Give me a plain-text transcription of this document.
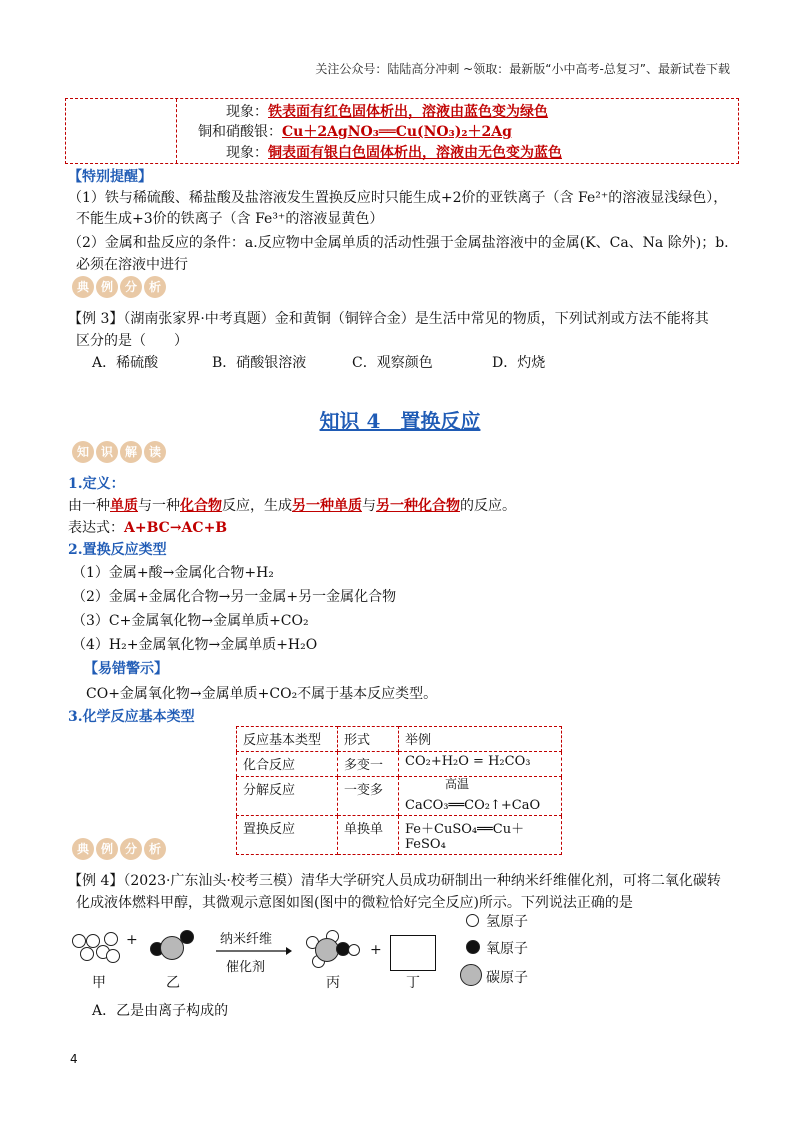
关注公众号：陆陆高分冲刺 ~领取：最新版“小中高考-总复习”、最新试卷下载
现象：铁表面有红色固体析出，溶液由蓝色变为绿色
铜和硝酸银：Cu＋2AgNO₃══Cu(NO₃)₂＋2Ag
现象：铜表面有银白色固体析出，溶液由无色变为蓝色
【特别提醒】
（1）铁与稀硫酸、稀盐酸及盐溶液发生置换反应时只能生成+2价的亚铁离子（含 Fe²⁺的溶液显浅绿色），
不能生成+3价的铁离子（含 Fe³⁺的溶液显黄色）
（2）金属和盐反应的条件：a.反应物中金属单质的活动性强于金属盐溶液中的金属(K、Ca、Na 除外)；b.
必须在溶液中进行
典 例 分 析
【例 3】（湖南张家界·中考真题）金和黄铜（铜锌合金）是生活中常见的物质，下列试剂或方法不能将其
区分的是（　　）
A．稀硫酸	B．硝酸银溶液	C．观察颜色	D．灼烧
知识 4　置换反应
知 识 解 读
1.定义：
由一种单质与一种化合物反应，生成另一种单质与另一种化合物的反应。
表达式：A+BC→AC+B
2.置换反应类型
（1）金属+酸→金属化合物+H₂
（2）金属+金属化合物→另一金属+另一金属化合物
（3）C+金属氧化物→金属单质+CO₂
（4）H₂+金属氧化物→金属单质+H₂O
【易错警示】
CO+金属氧化物→金属单质+CO₂不属于基本反应类型。
3.化学反应基本类型
反应基本类型	形式	举例
化合反应	多变一	CO₂+H₂O = H₂CO₃
分解反应	一变多	高温
CaCO₃══CO₂↑+CaO
置换反应	单换单	Fe＋CuSO₄══Cu＋FeSO₄
典 例 分 析
【例 4】（2023·广东汕头·校考三模）清华大学研究人员成功研制出一种纳米纤维催化剂，可将二氧化碳转
化成液体燃料甲醇，其微观示意图如图(图中的微粒恰好完全反应)所示。下列说法正确的是
+	纳米纤维
催化剂
+
甲	乙	丙	丁
氢原子
氧原子
碳原子
A．乙是由离子构成的
4
